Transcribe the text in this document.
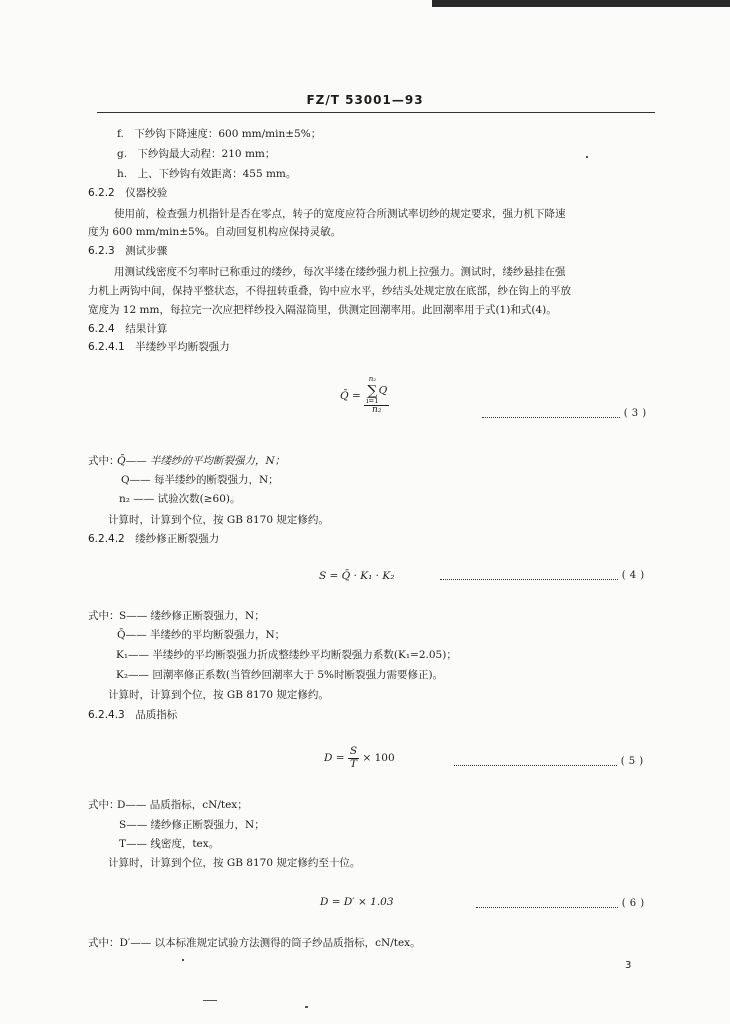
FZ/T 53001—93
f.　下纱钩下降速度：600 mm/min±5%；
g.　下纱钩最大动程：210 mm；
h.　上、下纱钩有效距离：455 mm。
6.2.2　仪器校验
使用前，检查强力机指针是否在零点，转子的宽度应符合所测试率切纱的规定要求，强力机下降速
度为 600 mm/min±5%。自动回复机构应保持灵敏。
6.2.3　测试步骤
用测试线密度不匀率时已称重过的缕纱，每次半缕在缕纱强力机上拉强力。测试时，缕纱悬挂在强
力机上两钩中间，保持平整状态，不得扭转重叠，钩中应水平，纱结头处规定放在底部，纱在钩上的平放
宽度为 12 mm，每拉完一次应把样纱投入隔湿筒里，供测定回潮率用。此回潮率用于式(1)和式(4)。
6.2.4　结果计算
6.2.4.1　半缕纱平均断裂强力
Q̄ = n₂
∑
i=1
Q
n₂	( 3 )
式中：
Q̄—— 半缕纱的平均断裂强力，N；
Q—— 每半缕纱的断裂强力，N；
n₂ —— 试验次数(≥60)。
计算时，计算到个位，按 GB 8170 规定修约。
6.2.4.2　缕纱修正断裂强力
S = Q̄ · K₁ · K₂	( 4 )
式中： S—— 缕纱修正断裂强力，N；
Q̄—— 半缕纱的平均断裂强力，N；
K₁—— 半缕纱的平均断裂强力折成整缕纱平均断裂强力系数(K₁=2.05)；
K₂—— 回潮率修正系数(当管纱回潮率大于 5%时断裂强力需要修正)。
计算时，计算到个位，按 GB 8170 规定修约。
6.2.4.3　品质指标
$D = \frac{S}{T} \times 100$	( 5 )
式中：
D—— 品质指标，cN/tex；
S—— 缕纱修正断裂强力，N；
T—— 线密度，tex。
计算时，计算到个位，按 GB 8170 规定修约至十位。
D = D′ × 1.03	( 6 )
式中：D′—— 以本标准规定试验方法测得的筒子纱品质指标，cN/tex。
3
